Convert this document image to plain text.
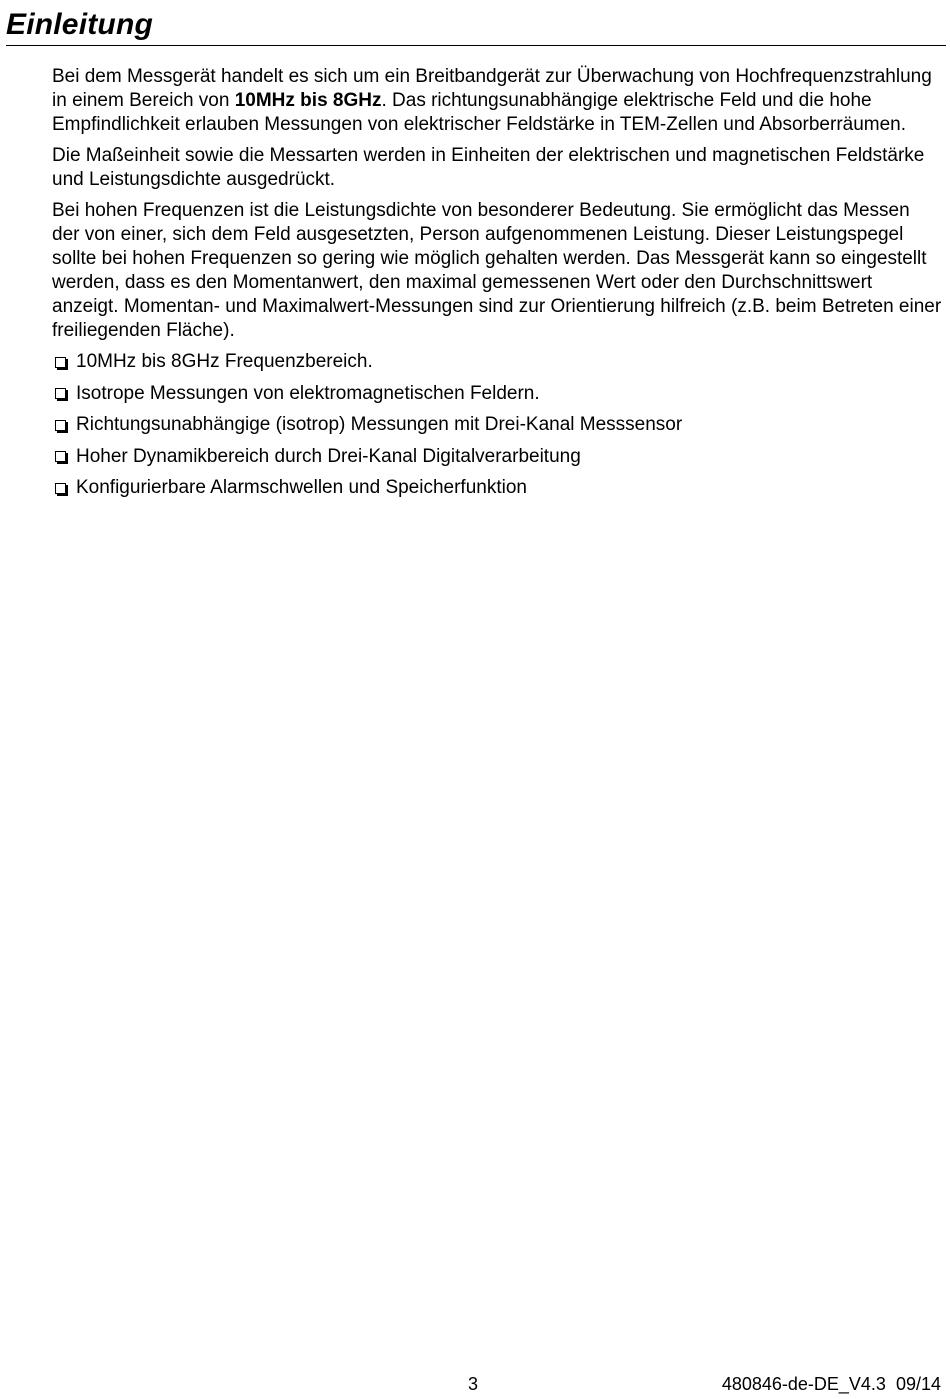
Einleitung

Bei dem Messgerät handelt es sich um ein Breitbandgerät zur Überwachung von Hochfrequenzstrahlung in einem Bereich von 10MHz bis 8GHz. Das richtungsunabhängige elektrische Feld und die hohe Empfindlichkeit erlauben Messungen von elektrischer Feldstärke in TEM-Zellen und Absorberräumen.

Die Maßeinheit sowie die Messarten werden in Einheiten der elektrischen und magnetischen Feldstärke und Leistungsdichte ausgedrückt.

Bei hohen Frequenzen ist die Leistungsdichte von besonderer Bedeutung. Sie ermöglicht das Messen der von einer, sich dem Feld ausgesetzten, Person aufgenommenen Leistung. Dieser Leistungspegel sollte bei hohen Frequenzen so gering wie möglich gehalten werden. Das Messgerät kann so eingestellt werden, dass es den Momentanwert, den maximal gemessenen Wert oder den Durchschnittswert anzeigt. Momentan- und Maximalwert-Messungen sind zur Orientierung hilfreich (z.B. beim Betreten einer freiliegenden Fläche).

10MHz bis 8GHz Frequenzbereich.
Isotrope Messungen von elektromagnetischen Feldern.
Richtungsunabhängige (isotrop) Messungen mit Drei-Kanal Messsensor
Hoher Dynamikbereich durch Drei-Kanal Digitalverarbeitung
Konfigurierbare Alarmschwellen und Speicherfunktion
3	480846-de-DE_V4.3  09/14
